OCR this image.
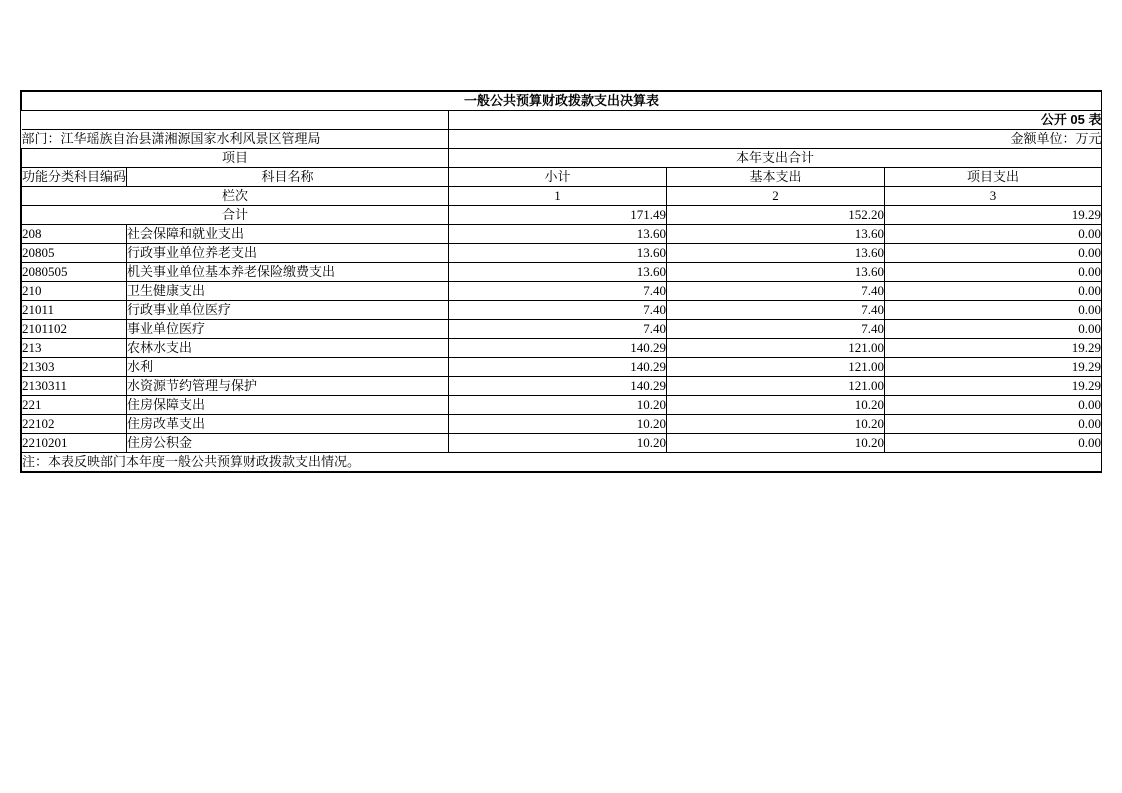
一般公共预算财政拨款支出决算表				
		公开 05 表		
部门：江华瑶族自治县潇湘源国家水利风景区管理局		金额单位：万元		
项目		本年支出合计		
功能分类科目编码	科目名称	小计	基本支出	项目支出
栏次		1	2	3
合计		171.49	152.20	19.29
208	社会保障和就业支出	13.60	13.60	0.00
20805	行政事业单位养老支出	13.60	13.60	0.00
2080505	机关事业单位基本养老保险缴费支出	13.60	13.60	0.00
210	卫生健康支出	7.40	7.40	0.00
21011	行政事业单位医疗	7.40	7.40	0.00
2101102	事业单位医疗	7.40	7.40	0.00
213	农林水支出	140.29	121.00	19.29
21303	水利	140.29	121.00	19.29
2130311	水资源节约管理与保护	140.29	121.00	19.29
221	住房保障支出	10.20	10.20	0.00
22102	住房改革支出	10.20	10.20	0.00
2210201	住房公积金	10.20	10.20	0.00
注：本表反映部门本年度一般公共预算财政拨款支出情况。				
